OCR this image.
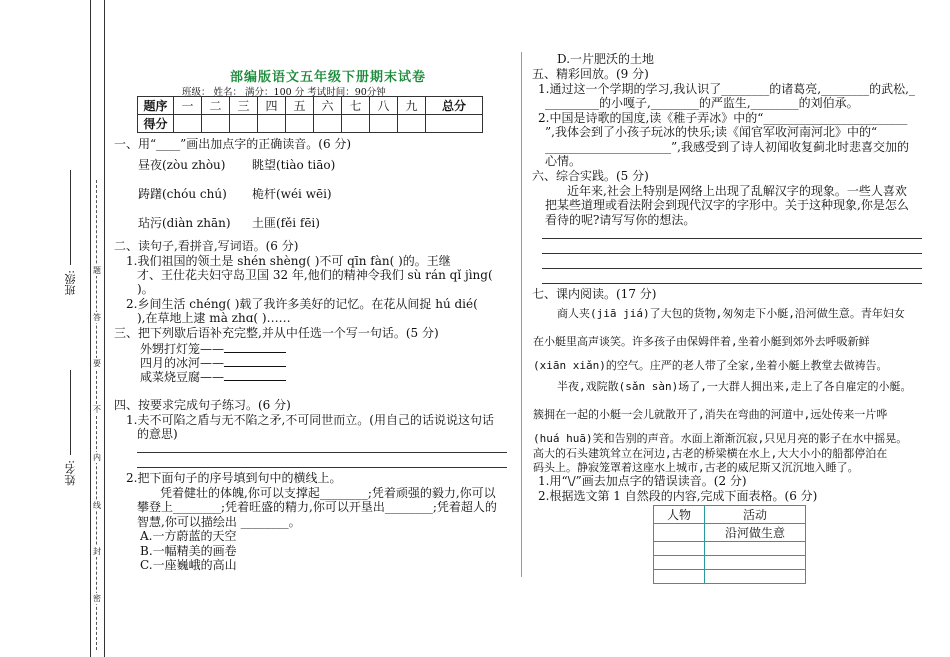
题
答
要
不
内
线
封
密
班级:
姓名:
部编版语文五年级下册期末试卷
班级： 姓名： 满分：100 分 考试时间：90分钟
题序	一	二	三	四	五	六	七	八	九	总分
得分										
一、用“____”画出加点字的正确读音。(6 分)
昼夜(zòu zhòu) 眺望(tiào tiāo)
踌躇(chóu chú) 桅杆(wéi wēi)
玷污(diàn zhān) 土匪(fěi fēi)
二、读句子,看拼音,写词语。(6 分)
1.我们祖国的领土是 shén shèng( )不可 qīn fàn( )的。王继
才、王仕花夫妇守岛卫国 32 年,他们的精神令我们 sù rán qǐ jìng(
)。
2.乡间生活 chéng( )载了我许多美好的记忆。在花从间捉 hú dié(
),在草地上逮 mà zhɑ( )……
三、把下列歇后语补充完整,并从中任选一个写一句话。(5 分)
外甥打灯笼——
四月的冰河——
咸菜烧豆腐——
四、按要求完成句子练习。(6 分)
1.夫不可陷之盾与无不陷之矛,不可同世而立。(用自己的话说说这句话
的意思)
2.把下面句子的序号填到句中的横线上。
凭着健壮的体魄,你可以支撑起________;凭着顽强的毅力,你可以
攀登上________;凭着旺盛的精力,你可以开垦出________;凭着超人的
智慧,你可以描绘出 ________。
A.一方蔚蓝的天空
B.一幅精美的画卷
C.一座巍峨的高山
D.一片肥沃的土地
五、精彩回放。(9 分)
1.通过这一个学期的学习,我认识了________的诸葛亮,________的武松,_
_________的小嘎子,________的严监生,________的刘伯承。
2.中国是诗歌的国度,读《稚子弄冰》中的“________________________
”,我体会到了小孩子玩冰的快乐;读《闻官军收河南河北》中的“
_____________________”,我感受到了诗人初闻收复蓟北时悲喜交加的
心情。
六、综合实践。(5 分)
近年来,社会上特别是网络上出现了乱解汉字的现象。一些人喜欢
把某些道理或看法附会到现代汉字的字形中。关于这种现象,你是怎么
看待的呢?请写写你的想法。
七、课内阅读。(17 分)
商人夹(jiā jiá)了大包的货物,匆匆走下小艇,沿河做生意。青年妇女
在小艇里高声谈笑。许多孩子由保姆伴着,坐着小艇到郊外去呼吸新鲜
(xiān xiǎn)的空气。庄严的老人带了全家,坐着小艇上教堂去做祷告。
半夜,戏院散(sǎn sàn)场了,一大群人拥出来,走上了各自雇定的小艇。
簇拥在一起的小艇一会儿就散开了,消失在弯曲的河道中,远处传来一片哗
(huá huā)笑和告别的声音。水面上渐渐沉寂,只见月亮的影子在水中摇晃。
高大的石头建筑耸立在河边,古老的桥梁横在水上,大大小小的船都停泊在
码头上。静寂笼罩着这座水上城市,古老的威尼斯又沉沉地入睡了。
1.用“\/”画去加点字的错误读音。(2 分)
2.根据选文第 1 自然段的内容,完成下面表格。(6 分)
人物	活动
	沿河做生意
